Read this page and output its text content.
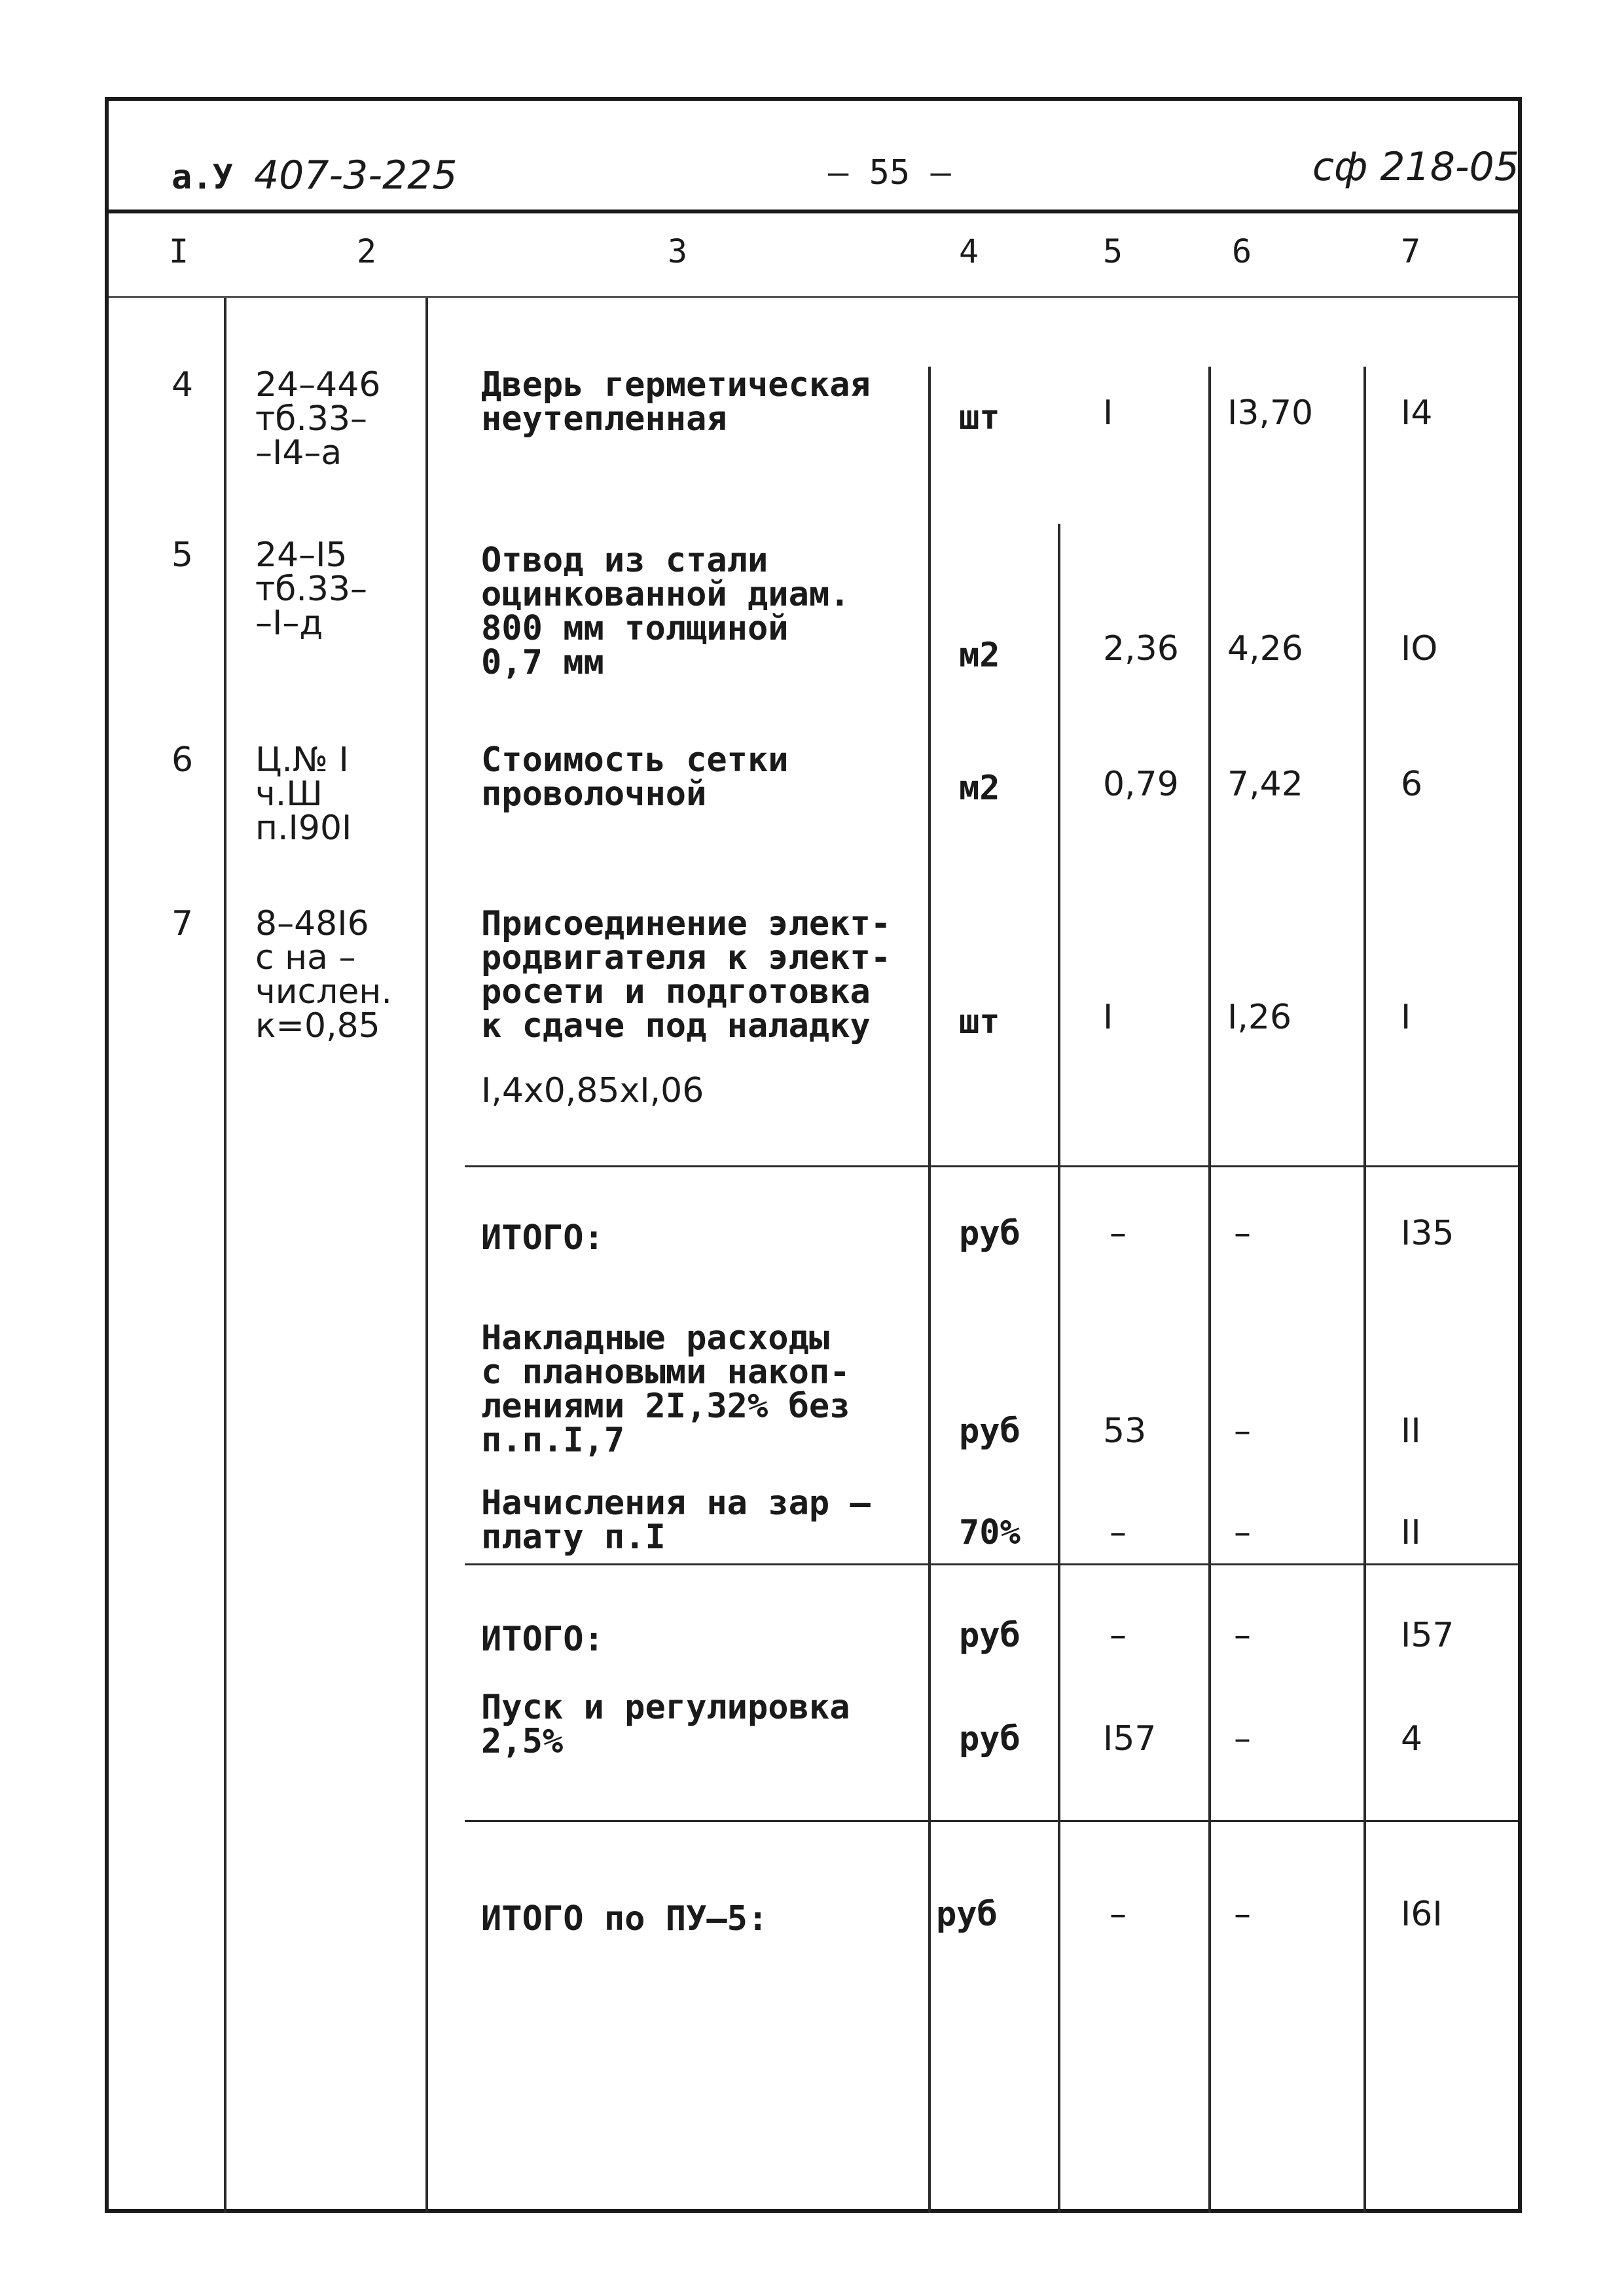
а.У 407-3-225	– 55 –	сф 218-05
I	2	3	4	5	6	7
4 24–446
тб.33–
–I4–а
Дверь герметическая
неутепленная	шт	I	I3,70	I4
5 24–I5
тб.33–
–I–д
Отвод из стали
оцинкованной диам.
800 мм толщиной
0,7 мм	м2	2,36 4,26	IO
6 Ц.№ I
ч.Ш
п.I90I
Стоимость сетки
проволочной	м2	0,79 7,42	6
7 8–48I6
с на –
числен.
к=0,85
Присоединение элект-
родвигателя к элект-
росети и подготовка
к сдаче под наладку
I,4x0,85xI,06
шт	I	I,26	I
ИТОГО:	руб	–	–	I35
Накладные расходы
с плановыми накоп-
лениями 2I,32% без
п.п.I,7	руб 53	–	II
Начисления на зар –
плату п.I	70%	–	–	II
ИТОГО:	руб	–	–	I57
Пуск и регулировка
2,5%	руб I57 –	4
ИТОГО по ПУ–5:	руб	–	–	I6I
